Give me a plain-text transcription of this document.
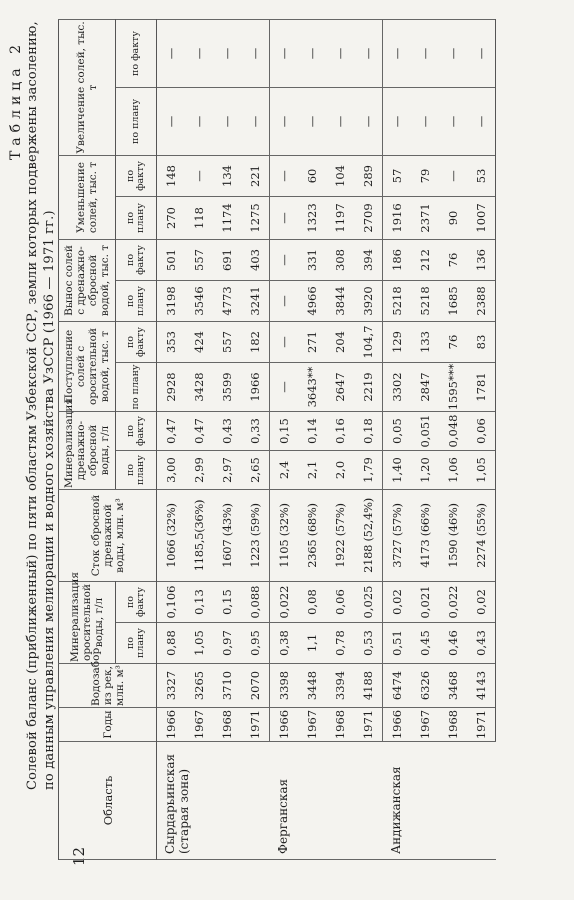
12
Таблица 2 Солевой баланс (приближенный) по пяти областям Узбекской ССР, земли которых подвержены засолению, по данным управления мелиорации и водного хозяйства УзССР (1966 — 1971 гг.)
Область	Годы	Водозабор из рек, млн. м³	Минерализация оросительной воды, г/л		Сток сбросной дренажной воды, млн. м³	Минерализация дренажно-сбросной воды, г/л		Поступление солей с оросительной водой, тыс. т		Вынос солей с дренажно-сбросной водой, тыс. т		Уменьшение солей, тыс. т		Увеличение солей, тыс. т	
			по плану	по факту		по плану	по факту	по плану	по факту	по плану	по факту	по плану	по факту	по плану	по факту
Сырдарьинская (старая зона)	1966	3327	0,88	0,106	1066 (32%)	3,00	0,47	2928	353	3198	501	270	148	—	—
	1967	3265	1,05	0,13	1185,5(36%)	2,99	0,47	3428	424	3546	557	118	—	—	—
	1968	3710	0,97	0,15	1607 (43%)	2,97	0,43	3599	557	4773	691	1174	134	—	—
	1971	2070	0,95	0,088	1223 (59%)	2,65	0,33	1966	182	3241	403	1275	221	—	—
Ферганская	1966	3398	0,38	0,022	1105 (32%)	2,4	0,15	—	—	—	—	—	—	—	—
	1967	3448	1,1	0,08	2365 (68%)	2,1	0,14	3643**	271	4966	331	1323	60	—	—
	1968	3394	0,78	0,06	1922 (57%)	2,0	0,16	2647	204	3844	308	1197	104	—	—
	1971	4188	0,53	0,025	2188 (52,4%)	1,79	0,18	2219	104,7	3920	394	2709	289	—	—
Андижанская	1966	6474	0,51	0,02	3727 (57%)	1,40	0,05	3302	129	5218	186	1916	57	—	—
	1967	6326	0,45	0,021	4173 (66%)	1,20	0,051	2847	133	5218	212	2371	79	—	—
	1968	3468	0,46	0,022	1590 (46%)	1,06	0,048	1595***	76	1685	76	90	—	—	—
	1971	4143	0,43	0,02	2274 (55%)	1,05	0,06	1781	83	2388	136	1007	53	—	—
